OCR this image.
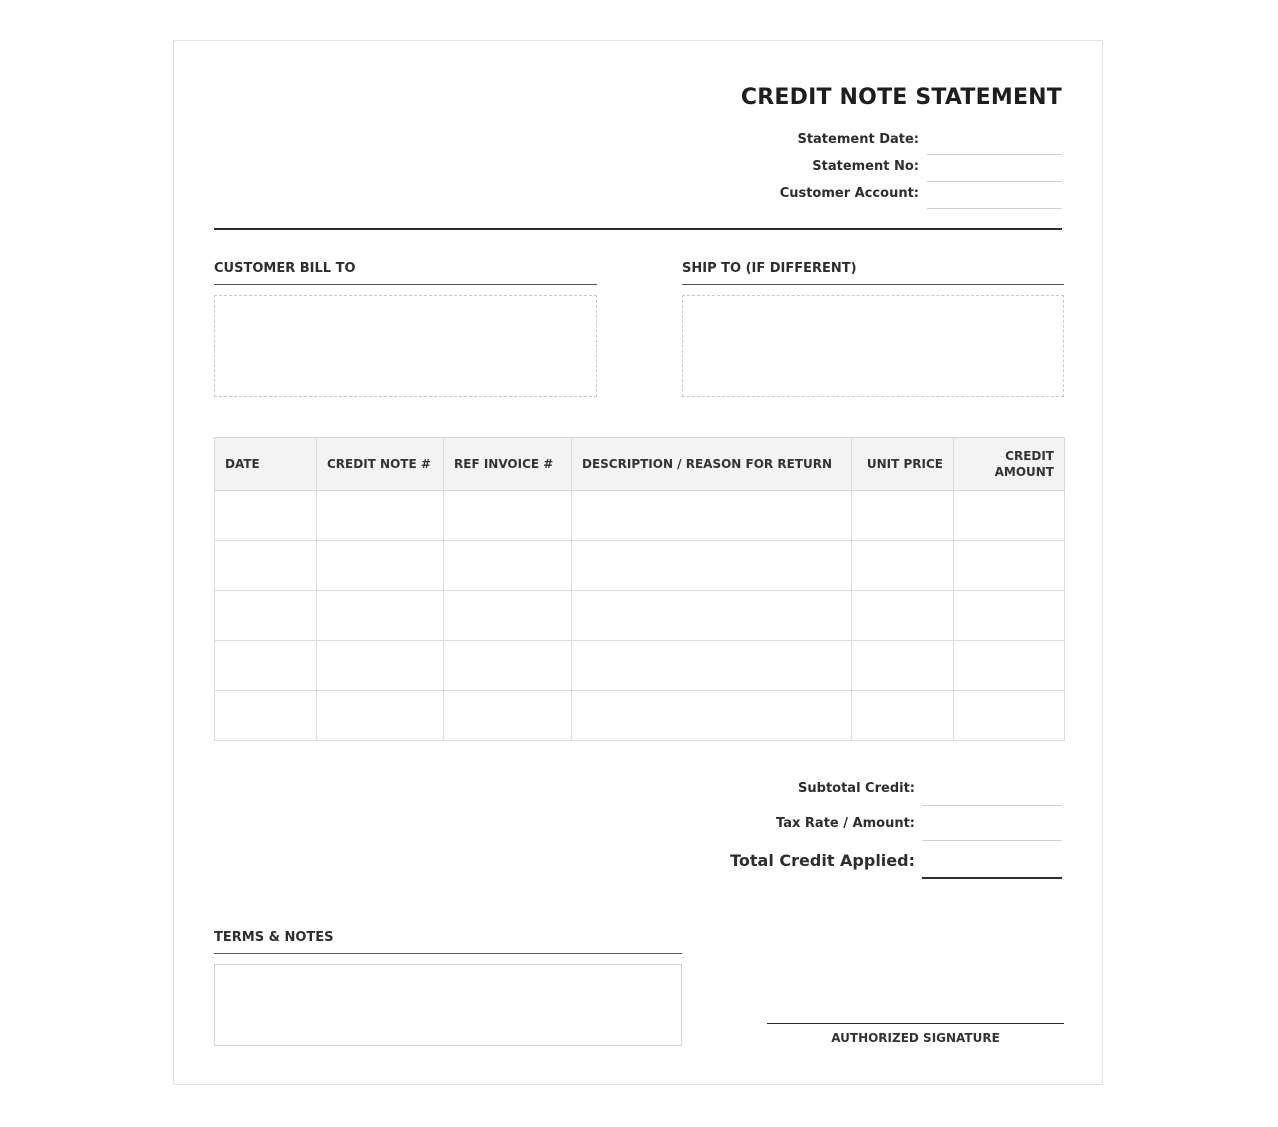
CREDIT NOTE STATEMENT
Statement Date:
Statement No:
Customer Account:
CUSTOMER BILL TO	SHIP TO (IF DIFFERENT)
DATE	CREDIT NOTE #	REF INVOICE #	DESCRIPTION / REASON FOR RETURN	UNIT PRICE	CREDIT AMOUNT

Subtotal Credit:
Tax Rate / Amount:
Total Credit Applied:
TERMS & NOTES
AUTHORIZED SIGNATURE
